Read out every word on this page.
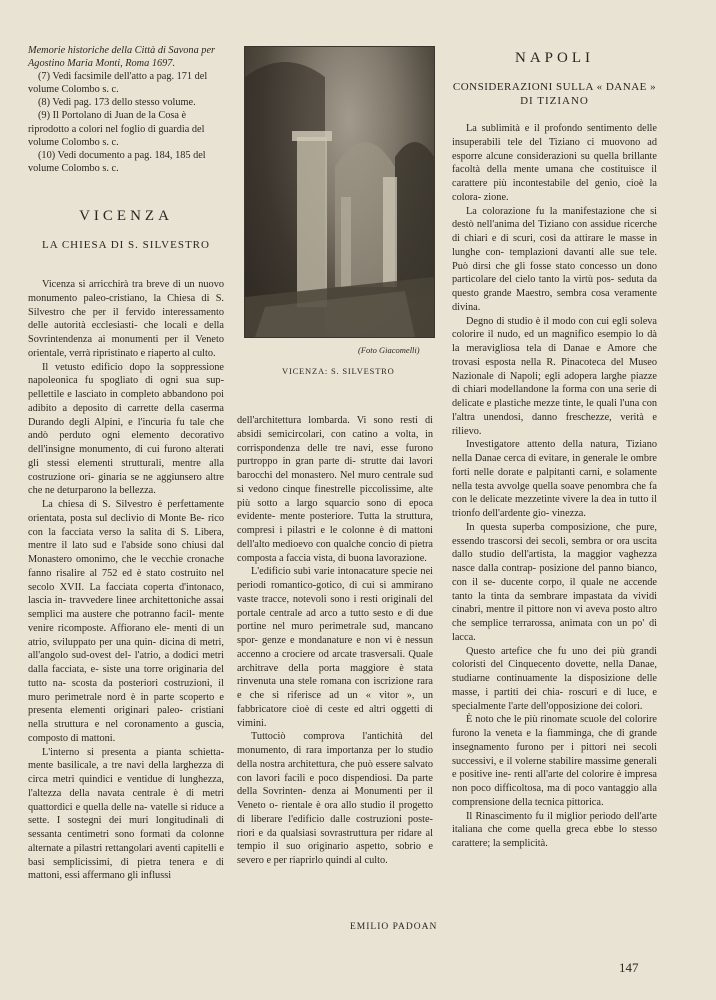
Memorie historiche della Città di Savona per Agostino Maria Monti, Roma 1697.

(7) Vedi facsimile dell'atto a pag. 171 del volume Colombo s. c.

(8) Vedi pag. 173 dello stesso volume.

(9) Il Portolano di Juan de la Cosa è riprodotto a colori nel foglio di guardia del volume Colombo s. c.

(10) Vedi documento a pag. 184, 185 del volume Colombo s. c.

VICENZA

LA CHIESA DI S. SILVESTRO

Vicenza si arricchirà tra breve di un nuovo monumento paleo-cristiano, la Chiesa di S. Silvestro che per il fervido interessamento delle autorità ecclesiasti- che locali e della Sovrintendenza ai monumenti per il Veneto orientale, verrà ripristinato e riaperto al culto.

Il vetusto edificio dopo la soppressione napoleonica fu spogliato di ogni sua sup- pellettile e lasciato in completo abbandono poi adibito a deposito di carrette della caserma Durando degli Alpini, e l'incuria fu tale che andò perduto ogni elemento decorativo dell'insigne monumento, di cui furono alterati gli stessi elementi strutturali, mentre alla costruzione ori- ginaria se ne aggiunsero altre che ne deturparono la bellezza.

La chiesa di S. Silvestro è perfettamente orientata, posta sul declivio di Monte Be- rico con la facciata verso la salita di S. Libera, mentre il lato sud e l'abside sono chiusi dal Monastero omonimo, che le vecchie cronache fanno risalire al 752 ed è stato costruito nel secolo XVII. La facciata coperta d'intonaco, lascia in- travvedere linee architettoniche assai semplici ma austere che potranno facil- mente venire ricomposte. Affiorano ele- menti di un atrio, sviluppato per una quin- dicina di metri, all'angolo sud-ovest del- l'atrio, a dodici metri dalla facciata, e- siste una torre originaria del tutto na- scosta da posteriori costruzioni, il muro perimetrale nord è in parte scoperto e presenta elementi originari paleo- cristiani nella struttura e nel coronamento a guscia, composto di mattoni.

L'interno si presenta a pianta schietta- mente basilicale, a tre navi della larghezza di circa metri quindici e ventidue di lunghezza, l'altezza della navata centrale è di metri quattordici e quella delle na- vatelle si riduce a sette. I sostegni dei muri longitudinali di sessanta centimetri sono formati da colonne alternate a pilastri rettangolari aventi capitelli e basi semplicissimi, di pietra tenera e di mattoni, essi affermano gli influssi

(Foto Giacomelli)
VICENZA: S. SILVESTRO

dell'architettura lombarda. Vi sono resti di absidi semicircolari, con catino a volta, in corrispondenza delle tre navi, esse furono purtroppo in gran parte di- strutte dai lavori barocchi del monastero. Nel muro centrale sud si vedono cinque finestrelle piccolissime, alte più sotto a largo squarcio sono di epoca evidente- mente posteriore. Tutta la struttura, compresi i pilastri e le colonne è di mattoni dell'alto medioevo con qualche concio di pietra composta a faccia vista, di buona lavorazione.

L'edificio subì varie intonacature specie nei periodi romantico-gotico, di cui si ammirano vaste tracce, notevoli sono i resti originali del portale centrale ad arco a tutto sesto e di due portine nel muro perimetrale sud, mancano spor- genze e mondanature e non vi è nessun accenno a crociere od arcate trasversali. Quale architrave della porta maggiore è stata rinvenuta una stele romana con iscrizione rara e che si riferisce ad un « vitor », un fabbricatore cioè di ceste ed altri oggetti di vimini.

Tuttociò comprova l'antichità del monumento, di rara importanza per lo studio della nostra architettura, che può essere salvato con lavori facili e poco dispendiosi. Da parte della Sovrinten- denza ai Monumenti per il Veneto o- rientale è ora allo studio il progetto di liberare l'edificio dalle costruzioni poste- riori e da qualsiasi sovrastruttura per ridare al tempio il suo originario aspetto, sobrio e severo e per riaprirlo quindi al culto.

EMILIO PADOAN

NAPOLI

CONSIDERAZIONI SULLA « DANAE »

DI TIZIANO

La sublimità e il profondo sentimento delle insuperabili tele del Tiziano ci muovono ad esporre alcune considerazioni su quella brillante facoltà della mente umana che costituisce il carattere più incontestabile del genio, cioè la colora- zione.

La colorazione fu la manifestazione che si destò nell'anima del Tiziano con assidue ricerche di chiari e di scuri, così da attirare le masse in lunghe con- templazioni davanti alle sue tele. Può dirsi che gli fosse stato concesso un dono particolare del cielo tanto la virtù pos- seduta da questo grande Maestro, sembra cosa veramente divina.

Degno di studio è il modo con cui egli soleva colorire il nudo, ed un magnifico esempio lo dà la meravigliosa tela di Danae e Amore che trovasi esposta nella R. Pinacoteca del Museo Nazionale di Napoli; egli adopera larghe piazze di chiari modellandone la forma con una serie di delicate e plastiche mezze tinte, le quali l'una con l'altra unendosi, danno freschezze, verità e rilievo.

Investigatore attento della natura, Tiziano nella Danae cerca di evitare, in generale le ombre forti nelle dorate e palpitanti carni, e solamente nella testa avvolge quella soave penombra che fa con le delicate mezzetinte vivere la dea in tutto il trionfo dell'ardente gio- vinezza.

In questa superba composizione, che pure, essendo trascorsi dei secoli, sembra or ora uscita dallo studio dell'artista, la maggior vaghezza nasce dalla contrap- posizione del panno bianco, con il se- ducente corpo, il quale ne accende tanto la tinta da sembrare impastata da vividi cinabri, mentre il pittore non vi aveva posto altro che semplice terrarossa, animata con un po' di lacca.

Questo artefice che fu uno dei più grandi coloristi del Cinquecento dovette, nella Danae, studiarne continuamente la disposizione delle masse, i partiti dei chia- roscuri e di luce, e specialmente l'arte dell'opposizione dei colori.

È noto che le più rinomate scuole del colorire furono la veneta e la fiamminga, che di grande insegnamento furono per i pittori nei secoli successivi, e il volerne stabilire massime generali e positive ine- renti all'arte del colorire è impresa non poco difficoltosa, ma di poco vantaggio alla comprensione della tecnica pittorica.

Il Rinascimento fu il miglior periodo dell'arte italiana che come quella greca ebbe lo stesso carattere; la semplicità.

147
